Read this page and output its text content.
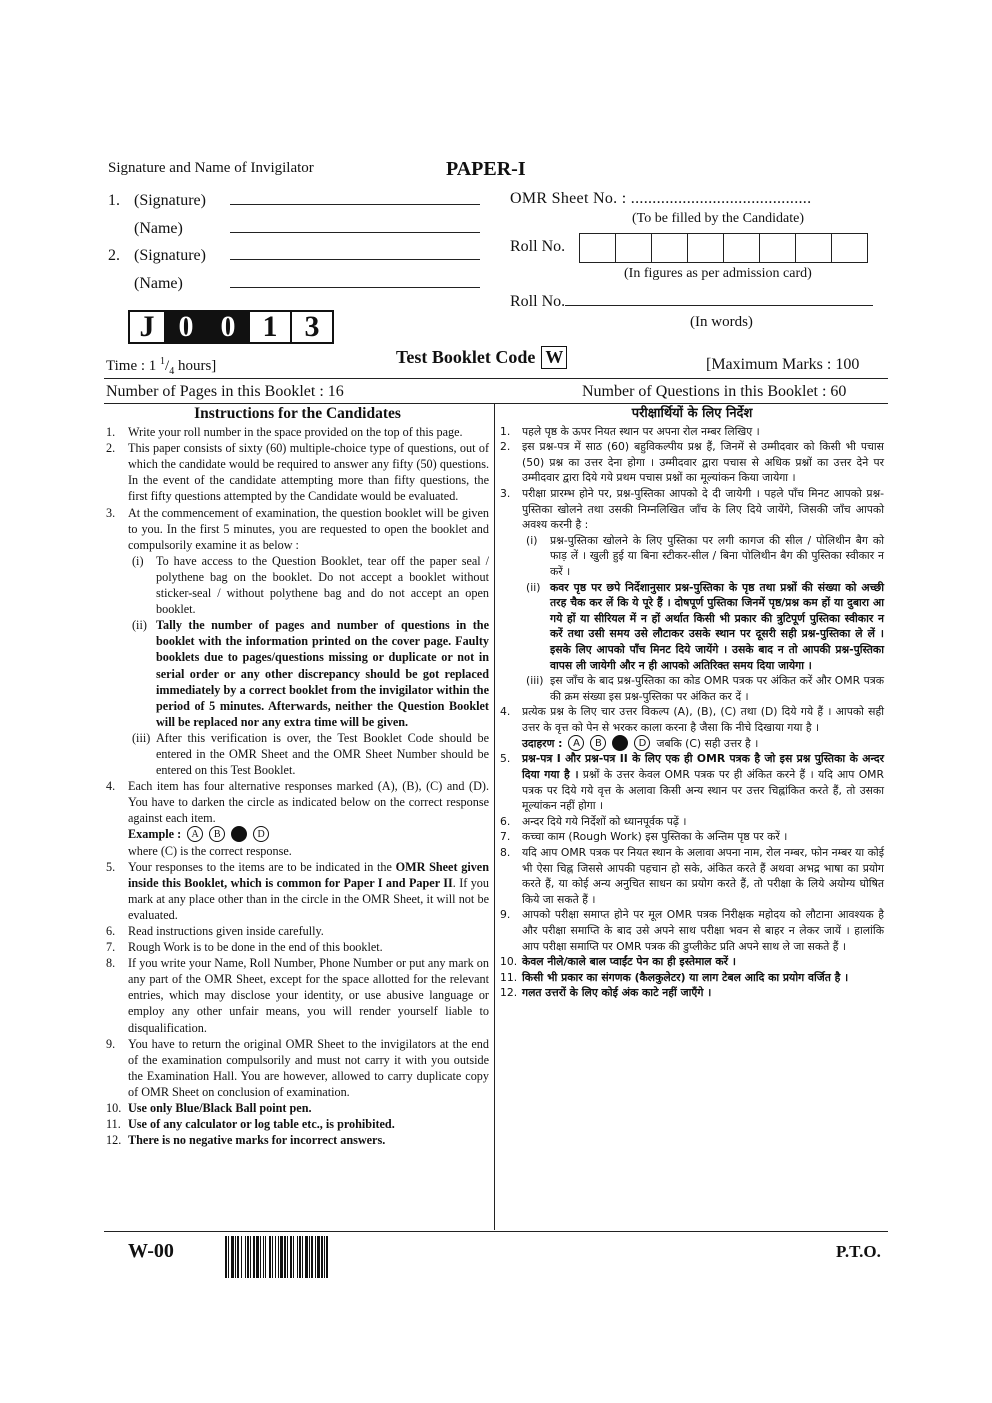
Signature and Name of Invigilator	PAPER-I
1. (Signature)
(Name)
2. (Signature)
(Name)
OMR Sheet No. : ..........................................
(To be filled by the Candidate)
Roll No.
(In figures as per admission card)
Roll No.
(In words)
J 0 0 1 3
Time : 1 $^1/_4$ hours]	Test Booklet Code W	[Maximum Marks : 100
Number of Pages in this Booklet : 16	Number of Questions in this Booklet : 60
Instructions for the Candidates
1. Write your roll number in the space provided on the top of this page.
2. This paper consists of sixty (60) multiple-choice type of questions, out of which the candidate would be required to answer any fifty (50) questions. In the event of the candidate attempting more than fifty questions, the first fifty questions attempted by the Candidate would be evaluated.
3. At the commencement of examination, the question booklet will be given to you. In the first 5 minutes, you are requested to open the booklet and compulsorily examine it as below :
(i) To have access to the Question Booklet, tear off the paper seal / polythene bag on the booklet. Do not accept a booklet without sticker-seal / without polythene bag and do not accept an open booklet.
(ii) Tally the number of pages and number of questions in the booklet with the information printed on the cover page. Faulty booklets due to pages/questions missing or duplicate or not in serial order or any other discrepancy should be got replaced immediately by a correct booklet from the invigilator within the period of 5 minutes. Afterwards, neither the Question Booklet will be replaced nor any extra time will be given.
(iii) After this verification is over, the Test Booklet Code should be entered in the OMR Sheet and the OMR Sheet Number should be entered on this Test Booklet.
4. Each item has four alternative responses marked (A), (B), (C) and (D). You have to darken the circle as indicated below on the correct response against each item.
Example :	A	B	D
where (C) is the correct response.
5. Your responses to the items are to be indicated in the OMR Sheet given inside this Booklet, which is common for Paper I and Paper II. If you mark at any place other than in the circle in the OMR Sheet, it will not be evaluated.
6. Read instructions given inside carefully.
7. Rough Work is to be done in the end of this booklet.
8. If you write your Name, Roll Number, Phone Number or put any mark on any part of the OMR Sheet, except for the space allotted for the relevant entries, which may disclose your identity, or use abusive language or employ any other unfair means, you will render yourself liable to disqualification.
9. You have to return the original OMR Sheet to the invigilators at the end of the examination compulsorily and must not carry it with you outside the Examination Hall. You are however, allowed to carry duplicate copy of OMR Sheet on conclusion of examination.
10. Use only Blue/Black Ball point pen.
11. Use of any calculator or log table etc., is prohibited.
12. There is no negative marks for incorrect answers.
परीक्षार्थियों के लिए निर्देश
1. पहले पृष्ठ के ऊपर नियत स्थान पर अपना रोल नम्बर लिखिए ।
2. इस प्रश्न-पत्र में साठ (60) बहुविकल्पीय प्रश्न हैं, जिनमें से उम्मीदवार को किसी भी पचास (50) प्रश्न का उत्तर देना होगा । उम्मीदवार द्वारा पचास से अधिक प्रश्नों का उत्तर देने पर उम्मीदवार द्वारा दिये गये प्रथम पचास प्रश्नों का मूल्यांकन किया जायेगा ।
3. परीक्षा प्रारम्भ होने पर, प्रश्न-पुस्तिका आपको दे दी जायेगी । पहले पाँच मिनट आपको प्रश्न-पुस्तिका खोलने तथा उसकी निम्नलिखित जाँच के लिए दिये जायेंगे, जिसकी जाँच आपको अवश्य करनी है :
(i) प्रश्न-पुस्तिका खोलने के लिए पुस्तिका पर लगी कागज की सील / पोलिथीन बैग को फाड़ लें । खुली हुई या बिना स्टीकर-सील / बिना पोलिथीन बैग की पुस्तिका स्वीकार न करें ।
(ii) कवर पृष्ठ पर छपे निर्देशानुसार प्रश्न-पुस्तिका के पृष्ठ तथा प्रश्नों की संख्या को अच्छी तरह चैक कर लें कि ये पूरे हैं । दोषपूर्ण पुस्तिका जिनमें पृष्ठ/प्रश्न कम हों या दुबारा आ गये हों या सीरियल में न हों अर्थात किसी भी प्रकार की त्रुटिपूर्ण पुस्तिका स्वीकार न करें तथा उसी समय उसे लौटाकर उसके स्थान पर दूसरी सही प्रश्न-पुस्तिका ले लें । इसके लिए आपको पाँच मिनट दिये जायेंगे । उसके बाद न तो आपकी प्रश्न-पुस्तिका वापस ली जायेगी और न ही आपको अतिरिक्त समय दिया जायेगा ।
(iii) इस जाँच के बाद प्रश्न-पुस्तिका का कोड OMR पत्रक पर अंकित करें और OMR पत्रक की क्रम संख्या इस प्रश्न-पुस्तिका पर अंकित कर दें ।
4. प्रत्येक प्रश्न के लिए चार उत्तर विकल्प (A), (B), (C) तथा (D) दिये गये हैं । आपको सही उत्तर के वृत्त को पेन से भरकर काला करना है जैसा कि नीचे दिखाया गया है ।
उदाहरण :	A	B	D जबकि (C) सही उत्तर है ।
5. प्रश्न-पत्र I और प्रश्न-पत्र II के लिए एक ही OMR पत्रक है जो इस प्रश्न पुस्तिका के अन्दर दिया गया है । प्रश्नों के उत्तर केवल OMR पत्रक पर ही अंकित करने हैं । यदि आप OMR पत्रक पर दिये गये वृत्त के अलावा किसी अन्य स्थान पर उत्तर चिह्नांकित करते हैं, तो उसका मूल्यांकन नहीं होगा ।
6. अन्दर दिये गये निर्देशों को ध्यानपूर्वक पढ़ें ।
7. कच्चा काम (Rough Work) इस पुस्तिका के अन्तिम पृष्ठ पर करें ।
8. यदि आप OMR पत्रक पर नियत स्थान के अलावा अपना नाम, रोल नम्बर, फोन नम्बर या कोई भी ऐसा चिह्न जिससे आपकी पहचान हो सके, अंकित करते हैं अथवा अभद्र भाषा का प्रयोग करते हैं, या कोई अन्य अनुचित साधन का प्रयोग करते हैं, तो परीक्षा के लिये अयोग्य घोषित किये जा सकते हैं ।
9. आपको परीक्षा समाप्त होने पर मूल OMR पत्रक निरीक्षक महोदय को लौटाना आवश्यक है और परीक्षा समाप्ति के बाद उसे अपने साथ परीक्षा भवन से बाहर न लेकर जायें । हालांकि आप परीक्षा समाप्ति पर OMR पत्रक की डुप्लीकेट प्रति अपने साथ ले जा सकते हैं ।
10. केवल नीले/काले बाल प्वाईंट पेन का ही इस्तेमाल करें ।
11. किसी भी प्रकार का संगणक (कैलकुलेटर) या लाग टेबल आदि का प्रयोग वर्जित है ।
12. गलत उत्तरों के लिए कोई अंक काटे नहीं जाएँगे ।
W-00	P.T.O.
